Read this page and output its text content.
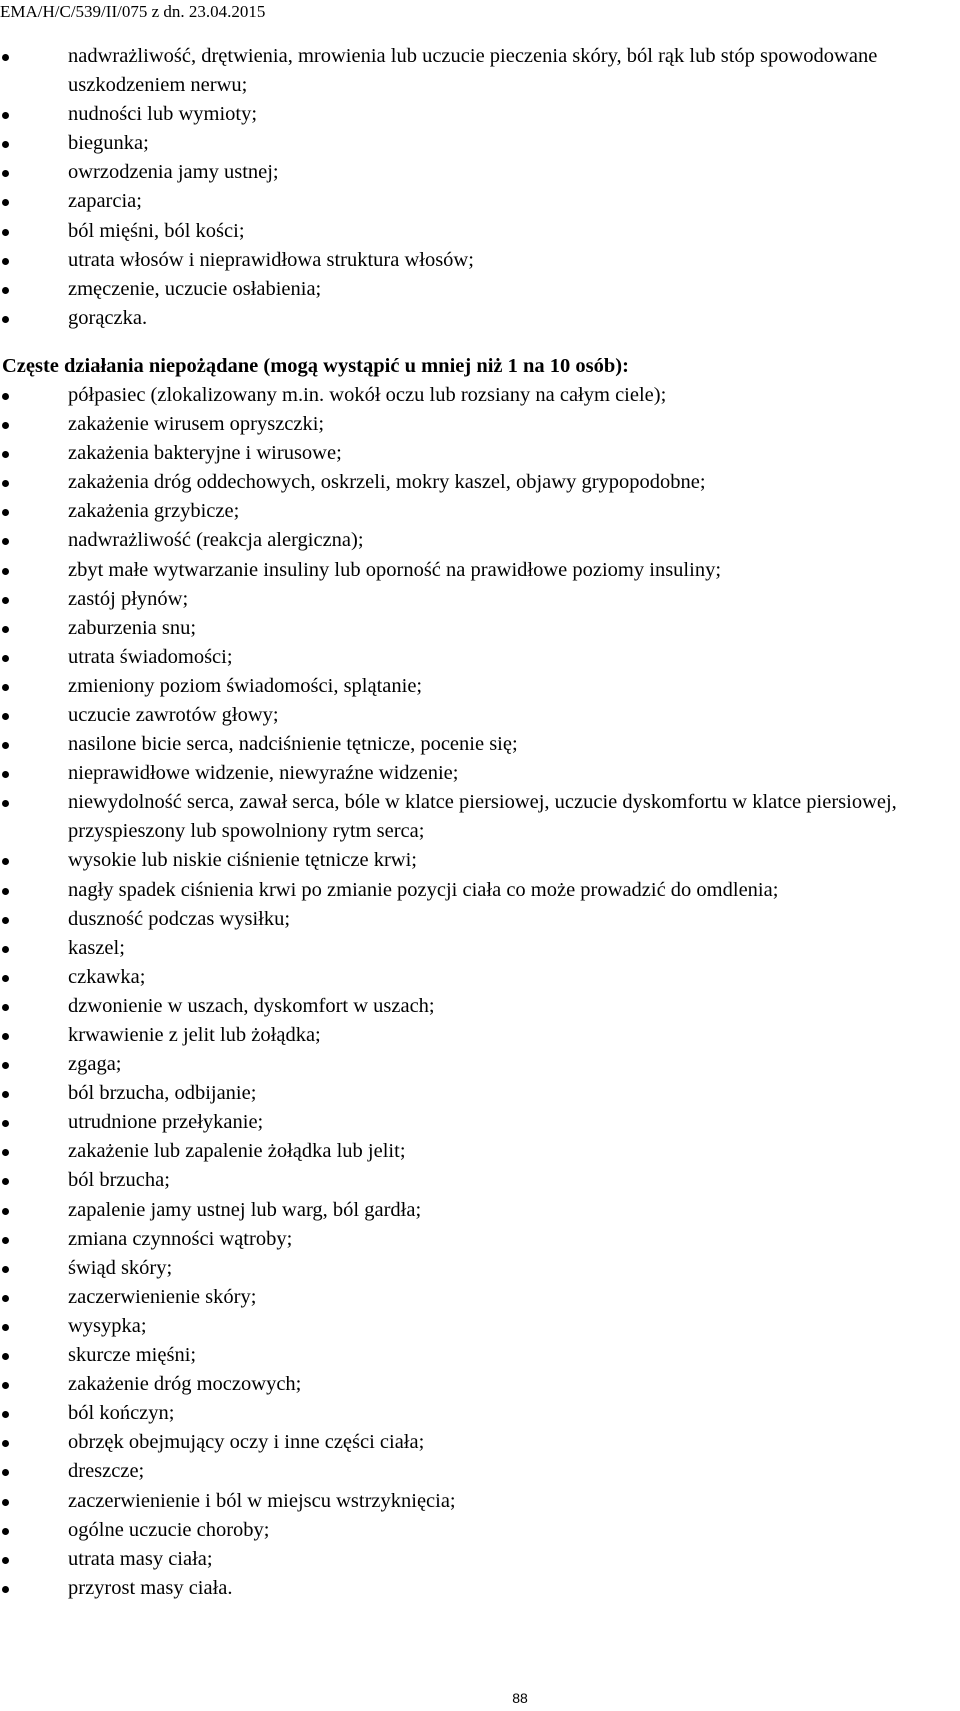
EMA/H/C/539/II/075 z dn. 23.04.2015
nadwrażliwość, drętwienia, mrowienia lub uczucie pieczenia skóry, ból rąk lub stóp spowodowane uszkodzeniem nerwu;
nudności lub wymioty;
biegunka;
owrzodzenia jamy ustnej;
zaparcia;
ból mięśni, ból kości;
utrata włosów i nieprawidłowa struktura włosów;
zmęczenie, uczucie osłabienia;
gorączka.
Częste działania niepożądane (mogą wystąpić u mniej niż 1 na 10 osób):
półpasiec (zlokalizowany m.in. wokół oczu lub rozsiany na całym ciele);
zakażenie wirusem opryszczki;
zakażenia bakteryjne i wirusowe;
zakażenia dróg oddechowych, oskrzeli, mokry kaszel, objawy grypopodobne;
zakażenia grzybicze;
nadwrażliwość (reakcja alergiczna);
zbyt małe wytwarzanie insuliny lub oporność na prawidłowe poziomy insuliny;
zastój płynów;
zaburzenia snu;
utrata świadomości;
zmieniony poziom świadomości, splątanie;
uczucie zawrotów głowy;
nasilone bicie serca, nadciśnienie tętnicze, pocenie się;
nieprawidłowe widzenie, niewyraźne widzenie;
niewydolność serca, zawał serca, bóle w klatce piersiowej, uczucie dyskomfortu w klatce piersiowej, przyspieszony lub spowolniony rytm serca;
wysokie lub niskie ciśnienie tętnicze krwi;
nagły spadek ciśnienia krwi po zmianie pozycji ciała co może prowadzić do omdlenia;
duszność podczas wysiłku;
kaszel;
czkawka;
dzwonienie w uszach, dyskomfort w uszach;
krwawienie z jelit lub żołądka;
zgaga;
ból brzucha, odbijanie;
utrudnione przełykanie;
zakażenie lub zapalenie żołądka lub jelit;
ból brzucha;
zapalenie jamy ustnej lub warg, ból gardła;
zmiana czynności wątroby;
świąd skóry;
zaczerwienienie skóry;
wysypka;
skurcze mięśni;
zakażenie dróg moczowych;
ból kończyn;
obrzęk obejmujący oczy i inne części ciała;
dreszcze;
zaczerwienienie i ból w miejscu wstrzyknięcia;
ogólne uczucie choroby;
utrata masy ciała;
przyrost masy ciała.
88
